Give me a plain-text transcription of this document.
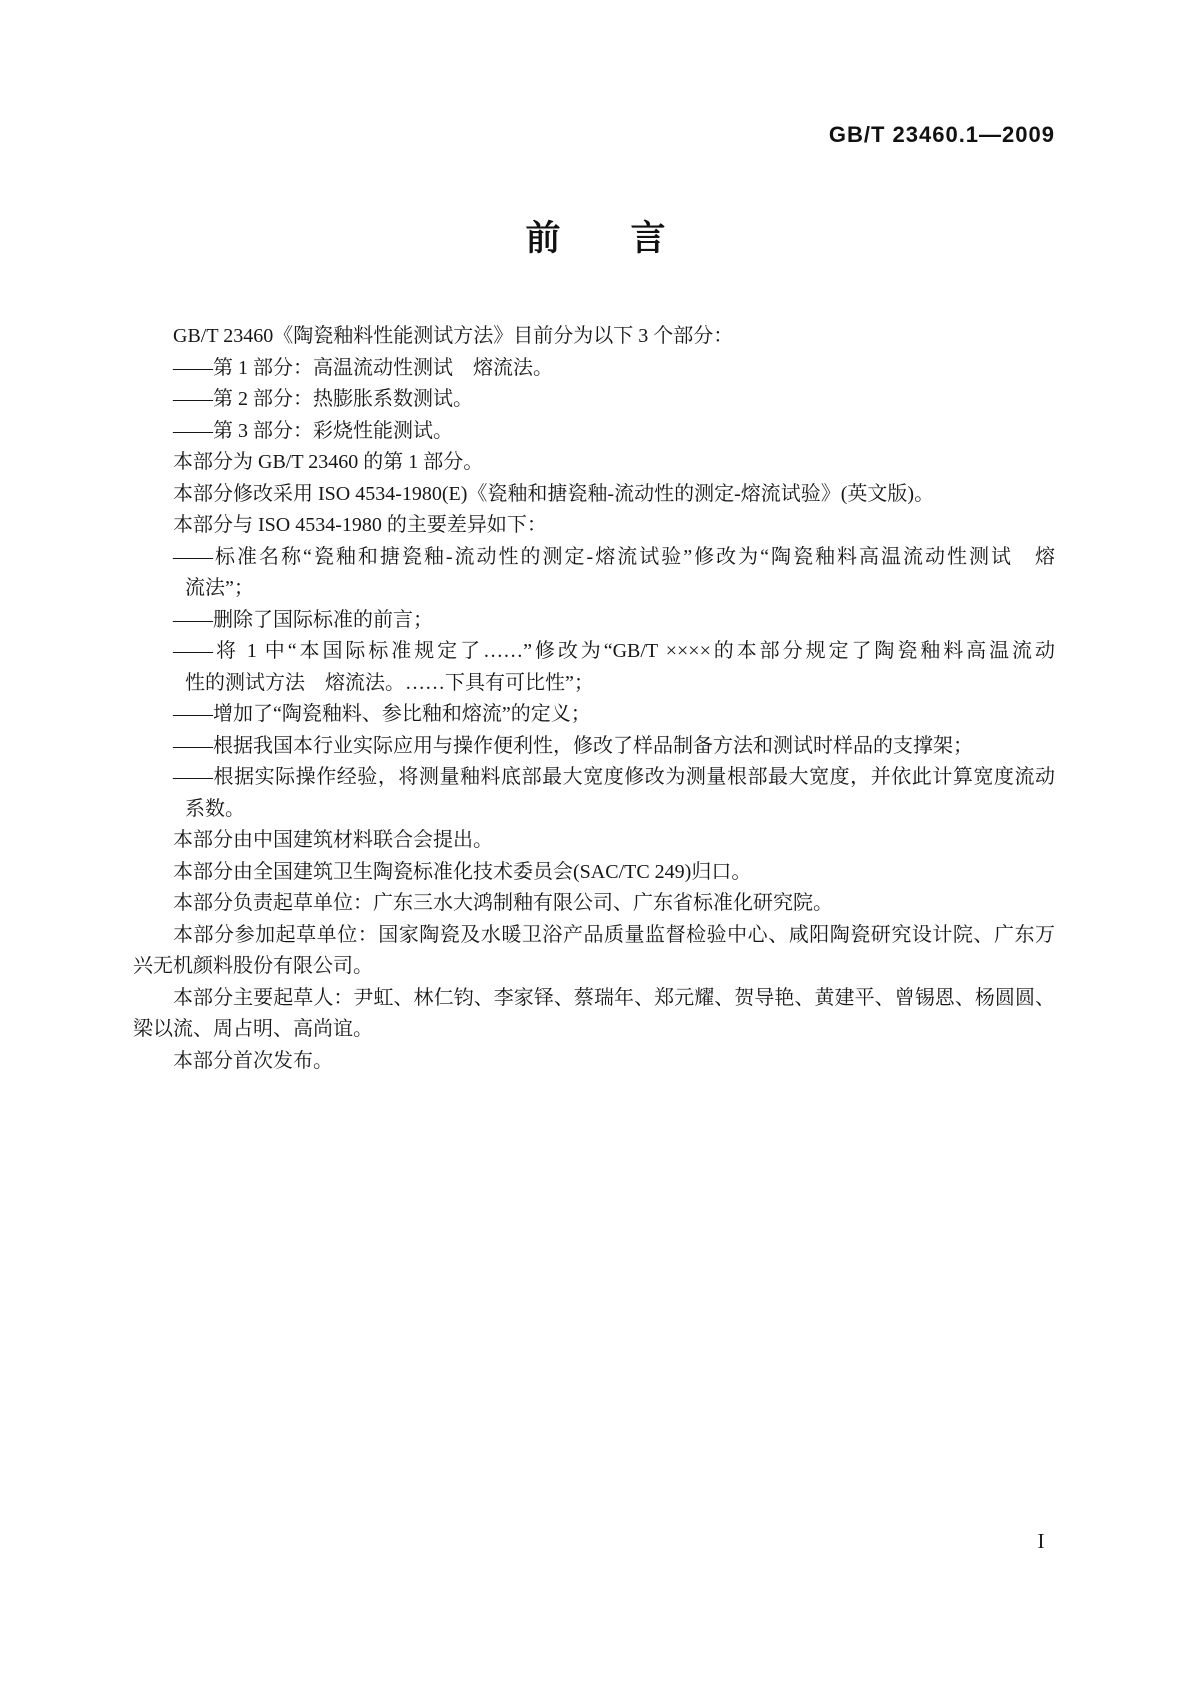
GB/T 23460.1—2009
前　　言
GB/T 23460《陶瓷釉料性能测试方法》目前分为以下 3 个部分：
——第 1 部分：高温流动性测试　熔流法。
——第 2 部分：热膨胀系数测试。
——第 3 部分：彩烧性能测试。
本部分为 GB/T 23460 的第 1 部分。
本部分修改采用 ISO 4534-1980(E)《瓷釉和搪瓷釉-流动性的测定-熔流试验》(英文版)。
本部分与 ISO 4534-1980 的主要差异如下：
——标准名称“瓷釉和搪瓷釉-流动性的测定-熔流试验”修改为“陶瓷釉料高温流动性测试　熔
流法”；
——删除了国际标准的前言；
——将 1 中“本国际标准规定了……”修改为“GB/T ××××的本部分规定了陶瓷釉料高温流动
性的测试方法　熔流法。……下具有可比性”；
——增加了“陶瓷釉料、参比釉和熔流”的定义；
——根据我国本行业实际应用与操作便利性，修改了样品制备方法和测试时样品的支撑架；
——根据实际操作经验，将测量釉料底部最大宽度修改为测量根部最大宽度，并依此计算宽度流动
系数。
本部分由中国建筑材料联合会提出。
本部分由全国建筑卫生陶瓷标准化技术委员会(SAC/TC 249)归口。
本部分负责起草单位：广东三水大鸿制釉有限公司、广东省标准化研究院。
本部分参加起草单位：国家陶瓷及水暖卫浴产品质量监督检验中心、咸阳陶瓷研究设计院、广东万
兴无机颜料股份有限公司。
本部分主要起草人：尹虹、林仁钧、李家铎、蔡瑞年、郑元耀、贺导艳、黄建平、曾锡恩、杨圆圆、
梁以流、周占明、高尚谊。
本部分首次发布。
I
